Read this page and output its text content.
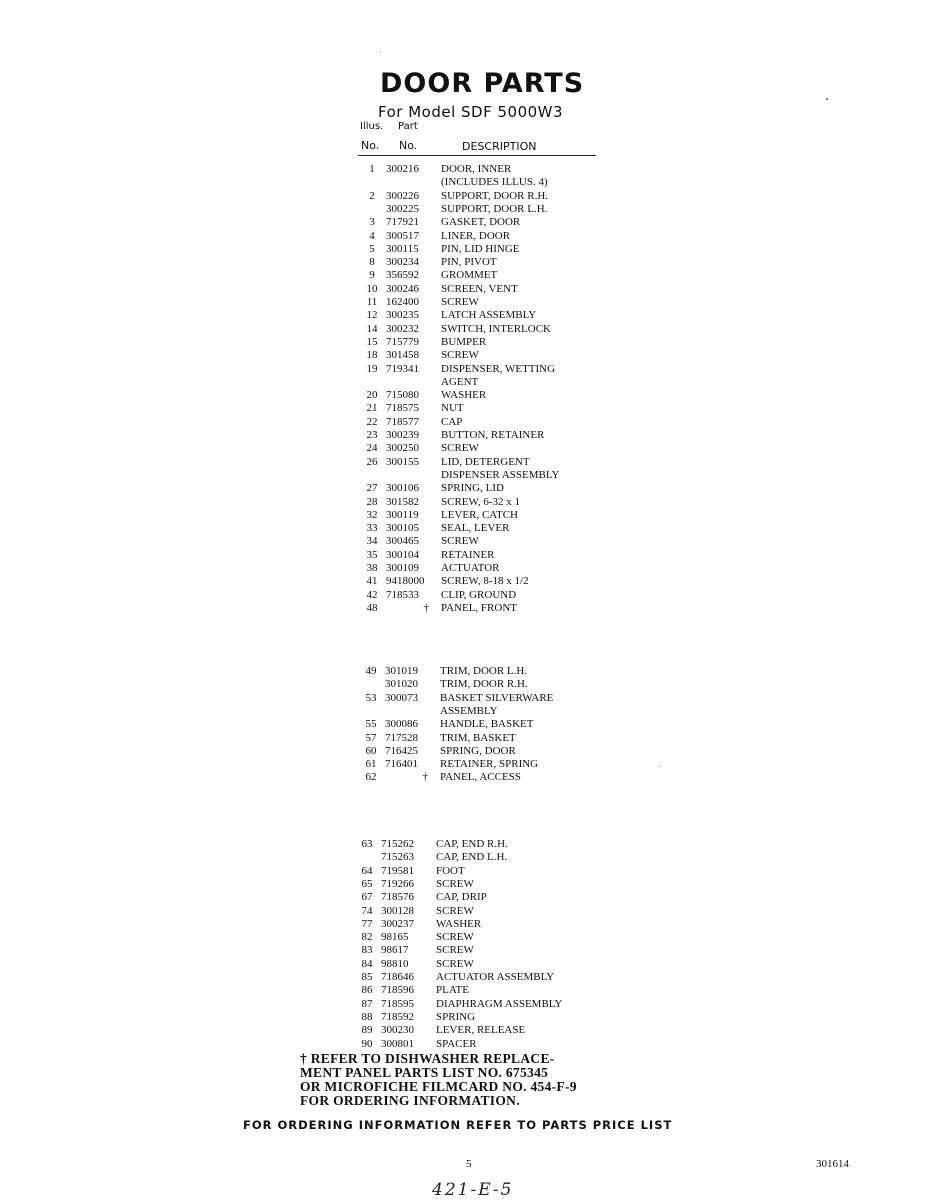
DOOR PARTS
For Model SDF 5000W3
Illus. Part
No. No.	DESCRIPTION
1	300216	DOOR, INNER
(INCLUDES ILLUS. 4)
2	300226	SUPPORT, DOOR R.H.
300225	SUPPORT, DOOR L.H.
3	717921	GASKET, DOOR
4	300517	LINER, DOOR
5	300115	PIN, LID HINGE
8	300234	PIN, PIVOT
9	356592	GROMMET
10 300246	SCREEN, VENT
11 162400	SCREW
12 300235	LATCH ASSEMBLY
14 300232	SWITCH, INTERLOCK
15 715779	BUMPER
18 301458	SCREW
19 719341	DISPENSER, WETTING
AGENT
20 715080	WASHER
21 718575	NUT
22 718577	CAP
23 300239	BUTTON, RETAINER
24 300250	SCREW
26 300155	LID, DETERGENT
DISPENSER ASSEMBLY
27 300106	SPRING, LID
28 301582	SCREW, 6-32 x 1
32 300119	LEVER, CATCH
33 300105	SEAL, LEVER
34 300465	SCREW
35 300104	RETAINER
38 300109	ACTUATOR
41 9418000	SCREW, 8-18 x 1/2
42 718533	CLIP, GROUND
48	† PANEL, FRONT
49 301019	TRIM, DOOR L.H.
301020	TRIM, DOOR R.H.
53 300073	BASKET SILVERWARE
ASSEMBLY
55 300086	HANDLE, BASKET
57 717528	TRIM, BASKET
60 716425	SPRING, DOOR
61 716401	RETAINER, SPRING
62	† PANEL, ACCESS
63 715262	CAP, END R.H.
715263	CAP, END L.H.
64 719581	FOOT
65 719266	SCREW
67 718576	CAP, DRIP
74 300128	SCREW
77 300237	WASHER
82 98165	SCREW
83 98617	SCREW
84 98810	SCREW
85 718646	ACTUATOR ASSEMBLY
86 718596	PLATE
87 718595	DIAPHRAGM ASSEMBLY
88 718592	SPRING
89 300230	LEVER, RELEASE
90 300801	SPACER
† REFER TO DISHWASHER REPLACE-
MENT PANEL PARTS LIST NO. 675345
OR MICROFICHE FILMCARD NO. 454-F-9
FOR ORDERING INFORMATION.
FOR ORDERING INFORMATION REFER TO PARTS PRICE LIST
5	301614
421-E-5
